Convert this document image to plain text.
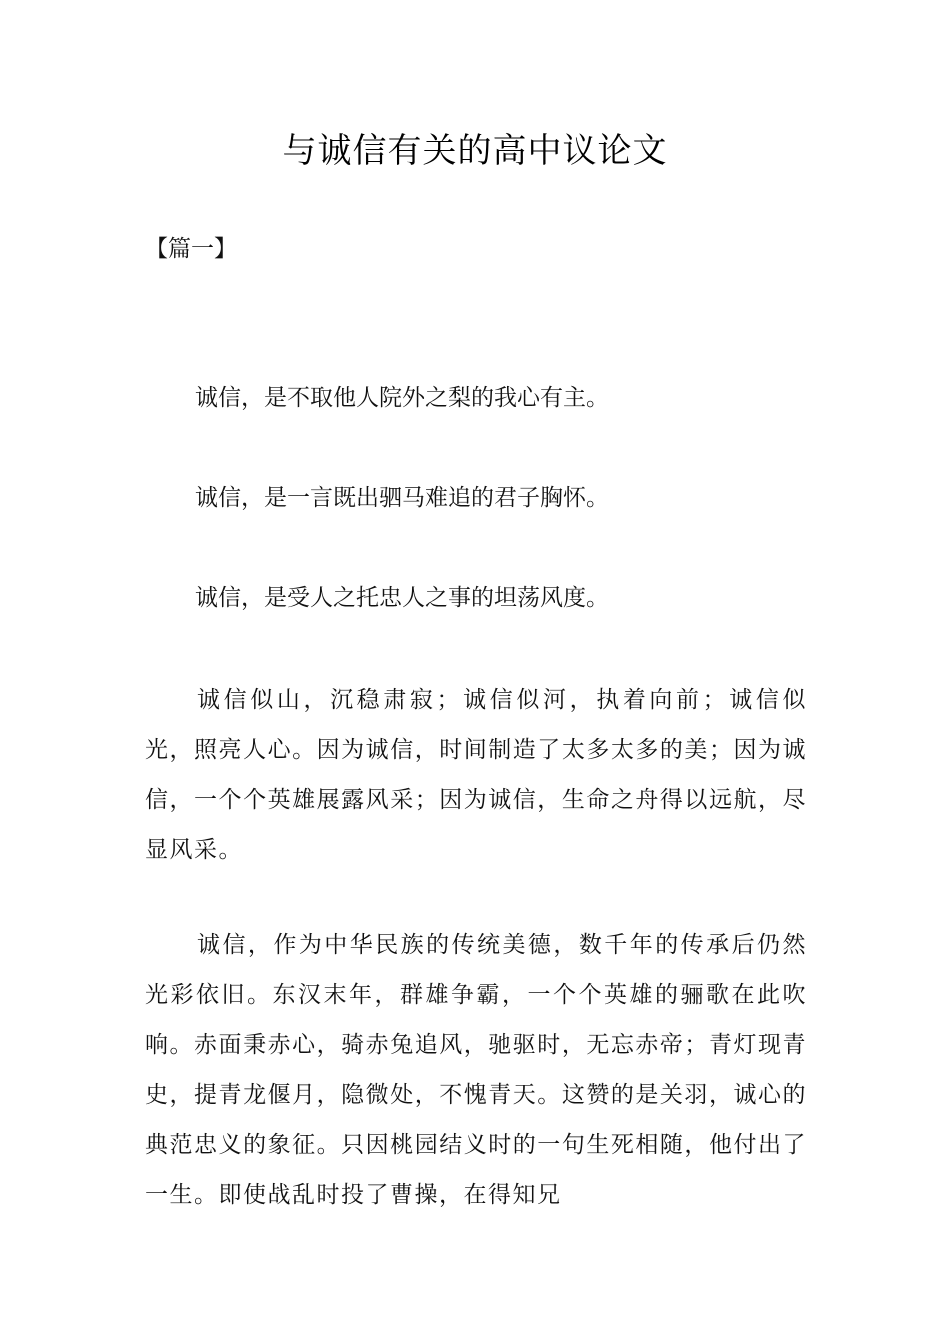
与诚信有关的高中议论文
【篇一】
诚信，是不取他人院外之梨的我心有主。
诚信，是一言既出驷马难追的君子胸怀。
诚信，是受人之托忠人之事的坦荡风度。

诚信似山，沉稳肃寂；诚信似河，执着向前；诚信似光，照亮人心。因为诚信，时间制造了太多太多的美；因为诚信，一个个英雄展露风采；因为诚信，生命之舟得以远航，尽显风采。

诚信，作为中华民族的传统美德，数千年的传承后仍然光彩依旧。东汉末年，群雄争霸，一个个英雄的骊歌在此吹响。赤面秉赤心，骑赤兔追风，驰驱时，无忘赤帝；青灯现青史，提青龙偃月，隐微处，不愧青天。这赞的是关羽，诚心的典范忠义的象征。只因桃园结义时的一句生死相随，他付出了一生。即使战乱时投了曹操，在得知兄
